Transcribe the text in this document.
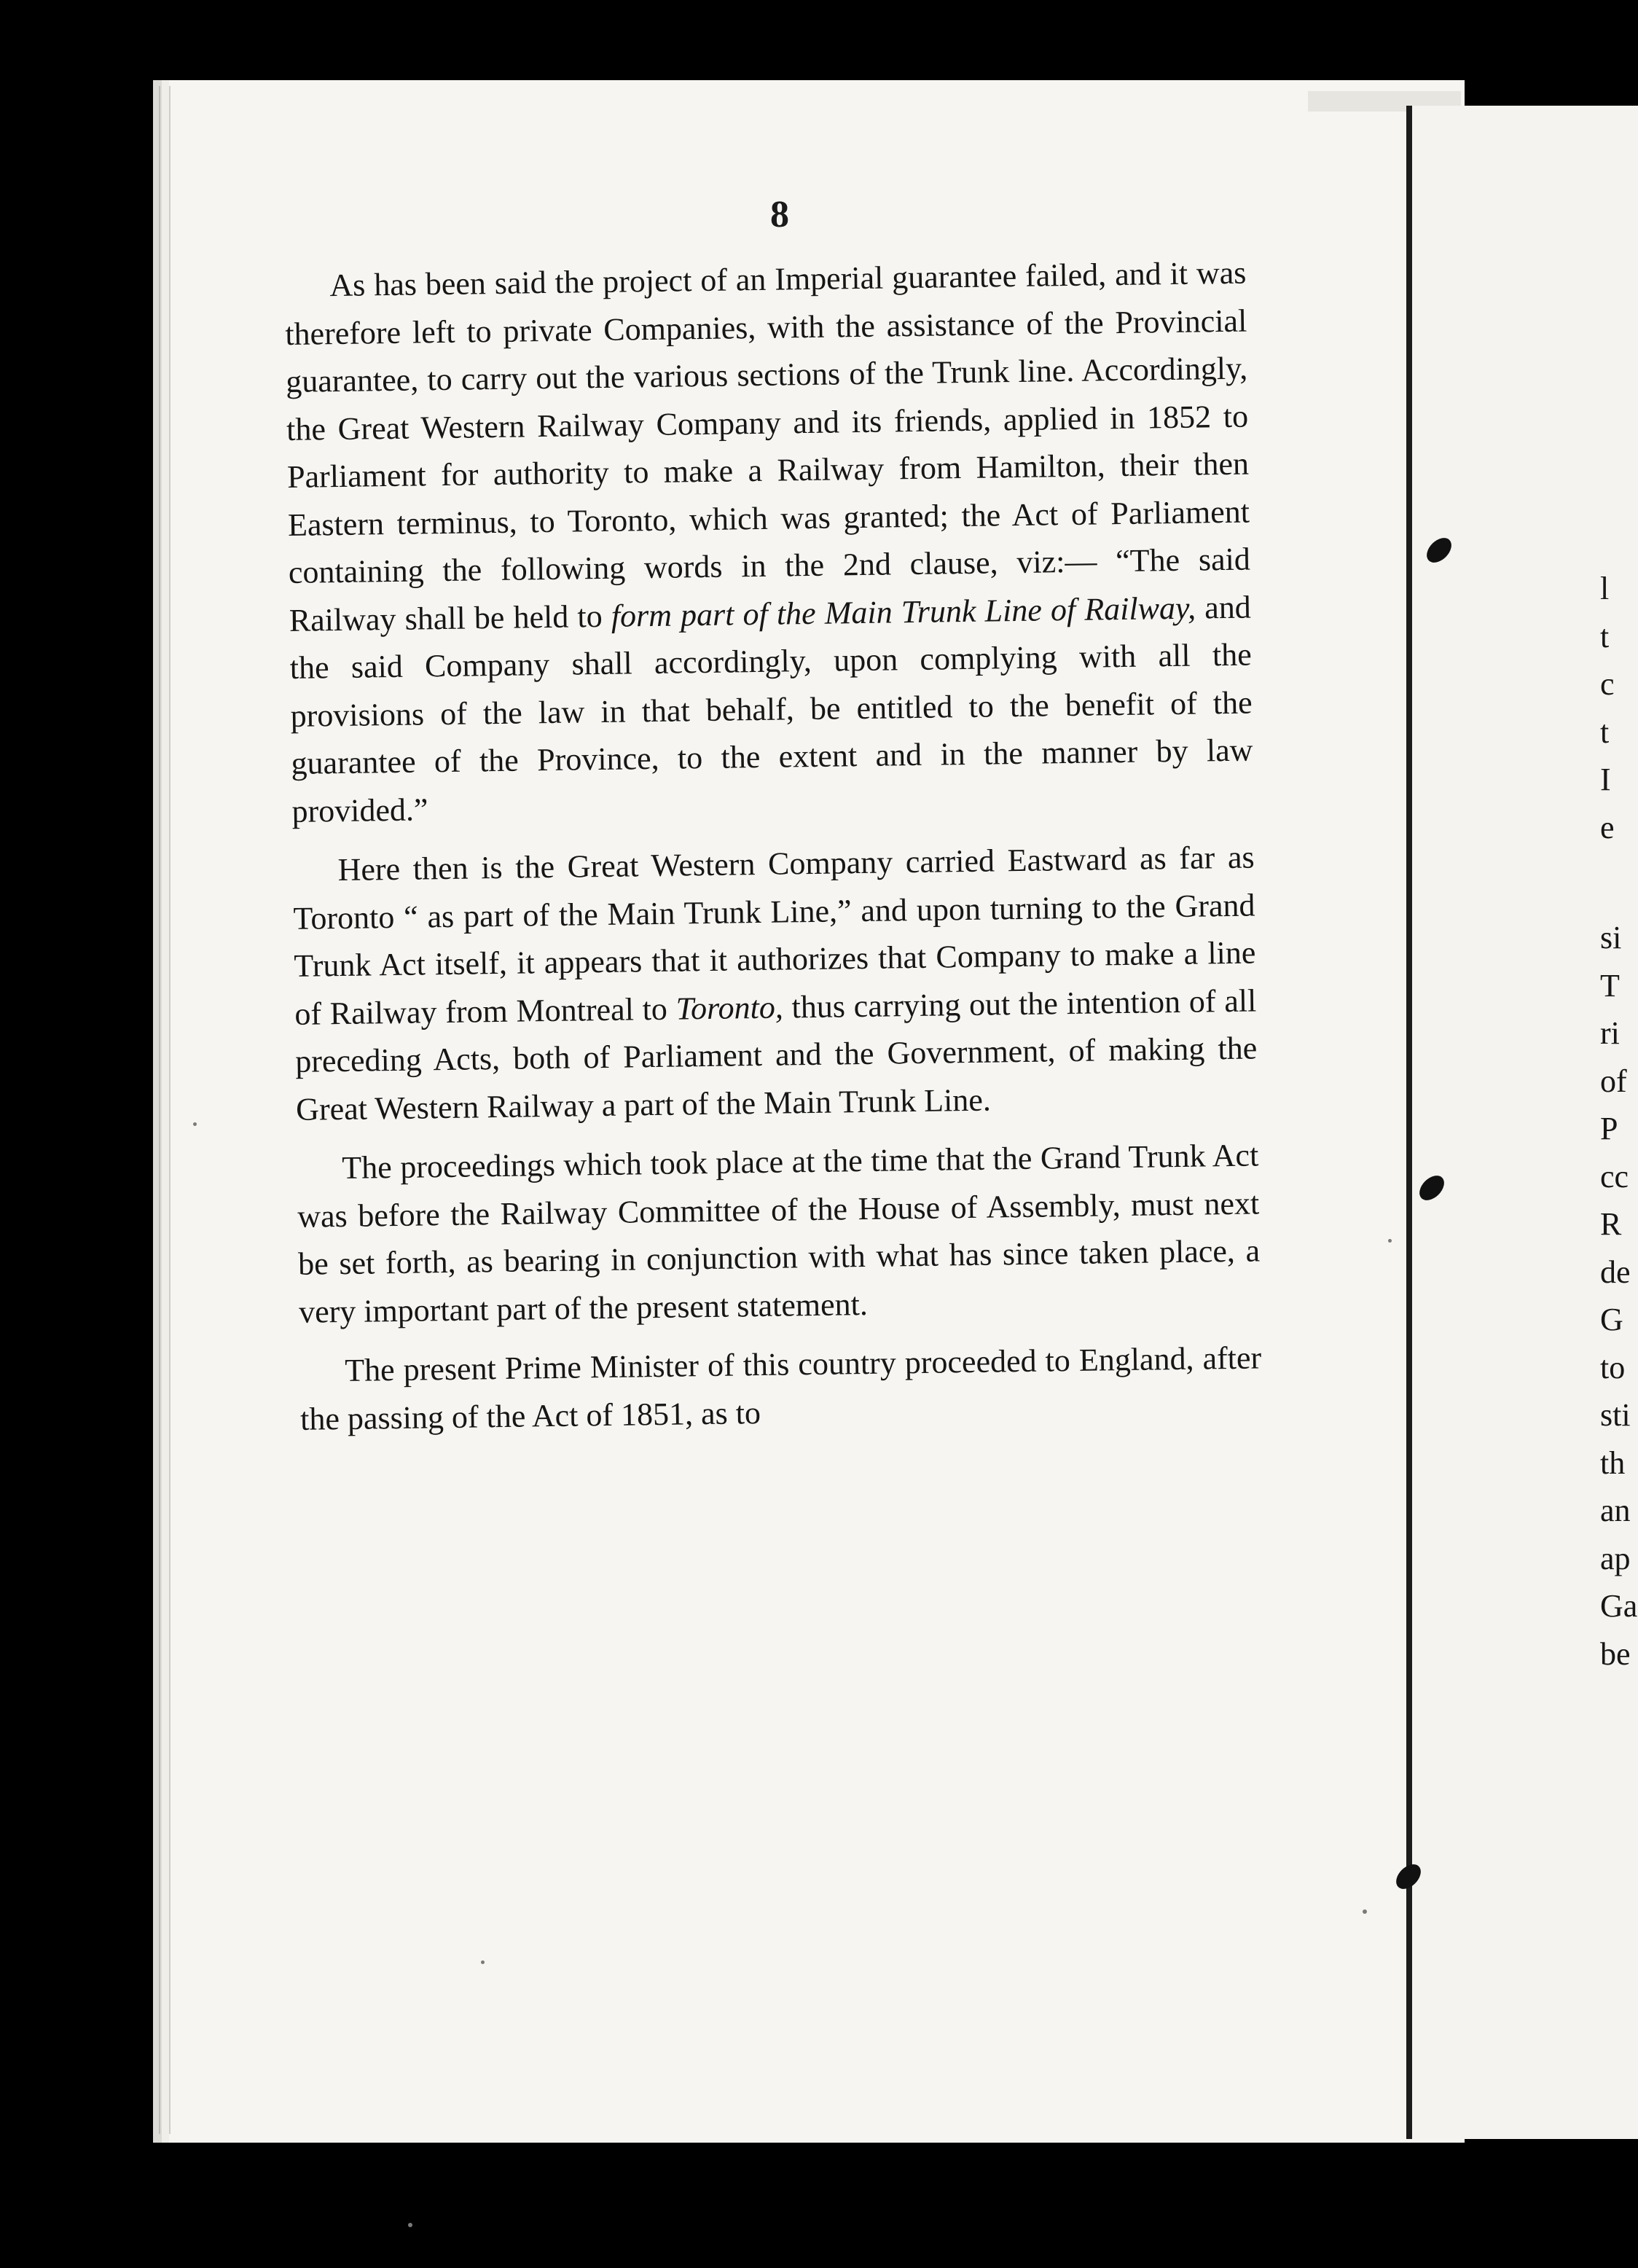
8

As has been said the project of an Imperial guarantee failed, and it was therefore left to private Companies, with the assistance of the Provincial guarantee, to carry out the various sections of the Trunk line. Accordingly, the Great Western Railway Company and its friends, applied in 1852 to Parliament for authority to make a Railway from Hamilton, their then Eastern terminus, to Toronto, which was granted; the Act of Parliament containing the following words in the 2nd clause, viz:— “The said Railway shall be held to form part of the Main Trunk Line of Railway, and the said Company shall accordingly, upon complying with all the provisions of the law in that behalf, be entitled to the benefit of the guarantee of the Province, to the extent and in the manner by law provided.”

Here then is the Great Western Company carried Eastward as far as Toronto “ as part of the Main Trunk Line,” and upon turning to the Grand Trunk Act itself, it appears that it authorizes that Company to make a line of Railway from Montreal to Toronto, thus carrying out the intention of all preceding Acts, both of Parliament and the Government, of making the Great Western Railway a part of the Main Trunk Line.

The proceedings which took place at the time that the Grand Trunk Act was before the Railway Committee of the House of Assembly, must next be set forth, as bearing in conjunction with what has since taken place, a very important part of the present statement.

The present Prime Minister of this country proceeded to England, after the passing of the Act of 1851, as to

l
t
c
t
I
e
si
T
ri
of
P
cc
R
de
G
to
sti
th
an
ap
Ga
be
